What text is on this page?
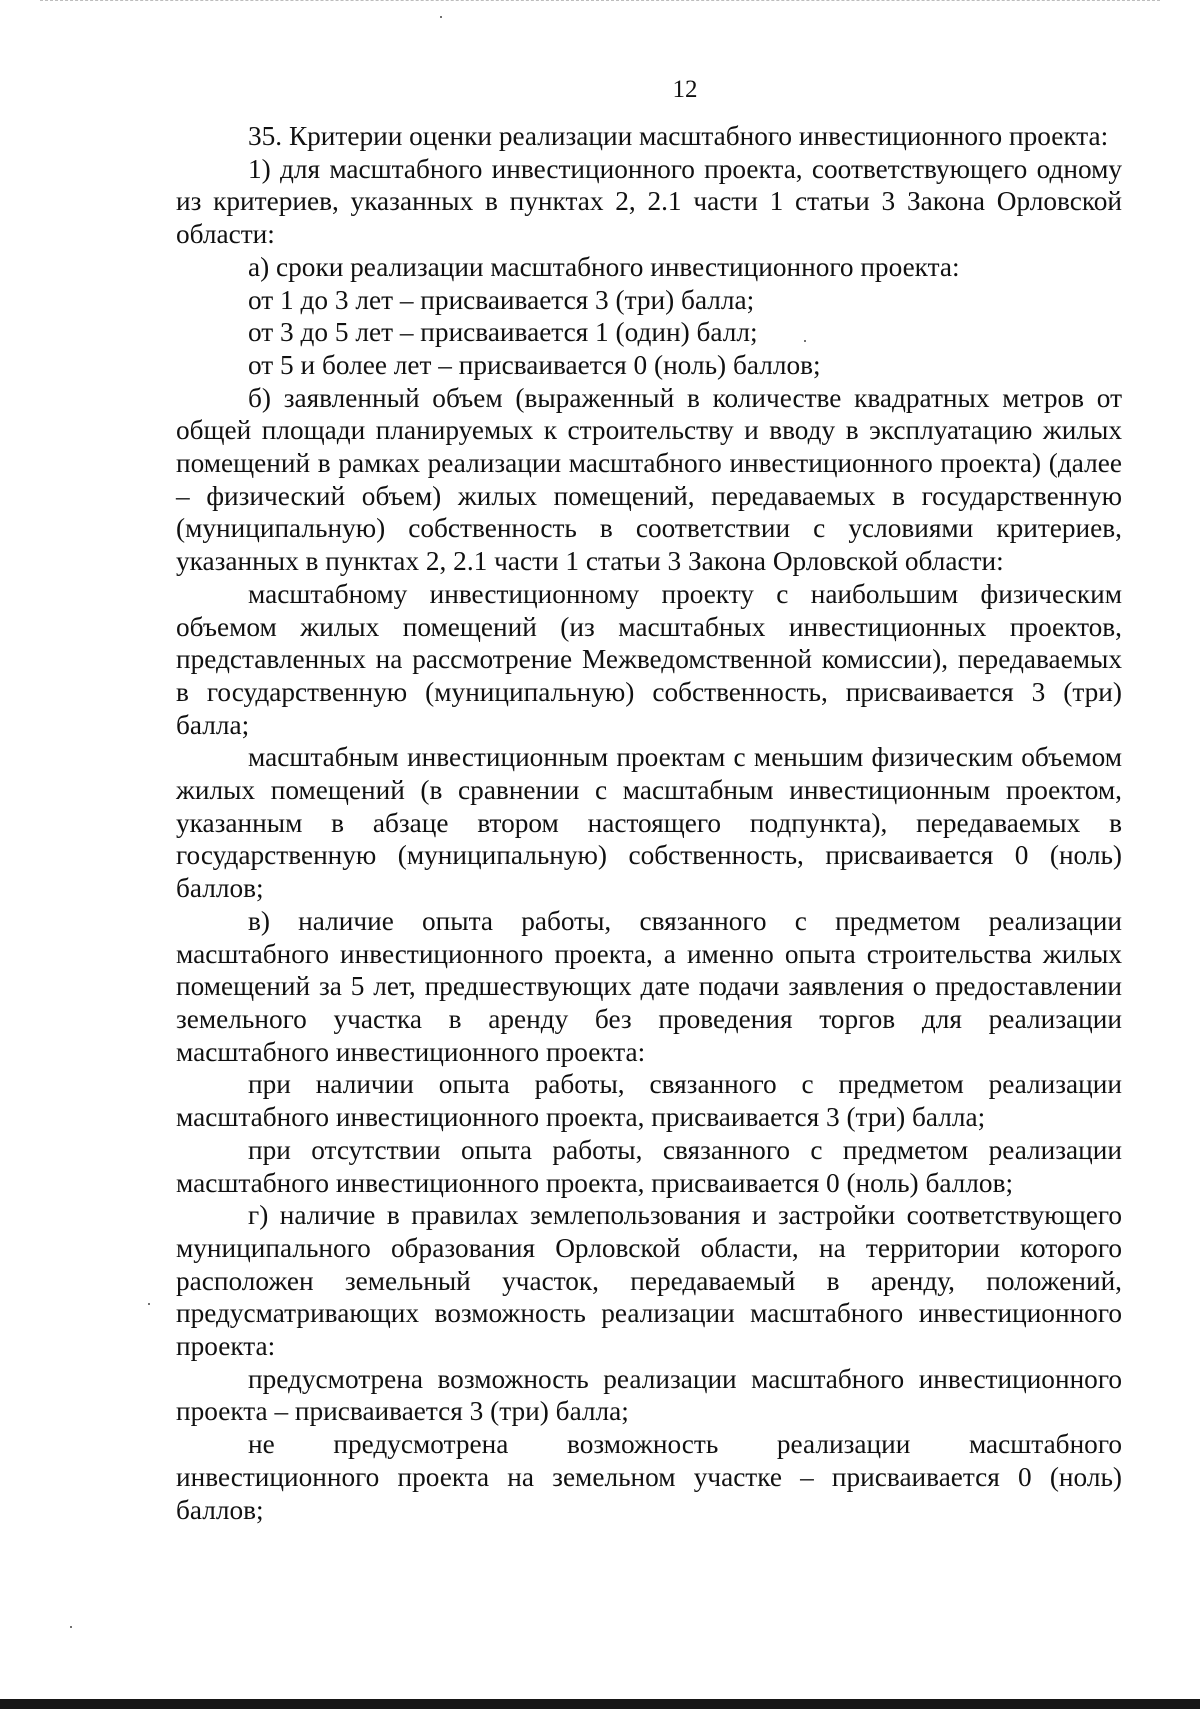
12

35. Критерии оценки реализации масштабного инвестиционного проекта:

1) для масштабного инвестиционного проекта, соответствующего одному из критериев, указанных в пунктах 2, 2.1 части 1 статьи 3 Закона Орловской области:

а) сроки реализации масштабного инвестиционного проекта:

от 1 до 3 лет – присваивается 3 (три) балла;

от 3 до 5 лет – присваивается 1 (один) балл;

от 5 и более лет – присваивается 0 (ноль) баллов;

б) заявленный объем (выраженный в количестве квадратных метров от общей площади планируемых к строительству и вводу в эксплуатацию жилых помещений в рамках реализации масштабного инвестиционного проекта) (далее – физический объем) жилых помещений, передаваемых в государственную (муниципальную) собственность в соответствии с условиями критериев, указанных в пунктах 2, 2.1 части 1 статьи 3 Закона Орловской области:

масштабному инвестиционному проекту с наибольшим физическим объемом жилых помещений (из масштабных инвестиционных проектов, представленных на рассмотрение Межведомственной комиссии), передаваемых в государственную (муниципальную) собственность, присваивается 3 (три) балла;

масштабным инвестиционным проектам с меньшим физическим объемом жилых помещений (в сравнении с масштабным инвестиционным проектом, указанным в абзаце втором настоящего подпункта), передаваемых в государственную (муниципальную) собственность, присваивается 0 (ноль) баллов;

в) наличие опыта работы, связанного с предметом реализации масштабного инвестиционного проекта, а именно опыта строительства жилых помещений за 5 лет, предшествующих дате подачи заявления о предоставлении земельного участка в аренду без проведения торгов для реализации масштабного инвестиционного проекта:

при наличии опыта работы, связанного с предметом реализации масштабного инвестиционного проекта, присваивается 3 (три) балла;

при отсутствии опыта работы, связанного с предметом реализации масштабного инвестиционного проекта, присваивается 0 (ноль) баллов;

г) наличие в правилах землепользования и застройки соответствующего муниципального образования Орловской области, на территории которого расположен земельный участок, передаваемый в аренду, положений, предусматривающих возможность реализации масштабного инвестиционного проекта:

предусмотрена возможность реализации масштабного инвестиционного проекта – присваивается 3 (три) балла;

не предусмотрена возможность реализации масштабного инвестиционного проекта на земельном участке – присваивается 0 (ноль) баллов;
